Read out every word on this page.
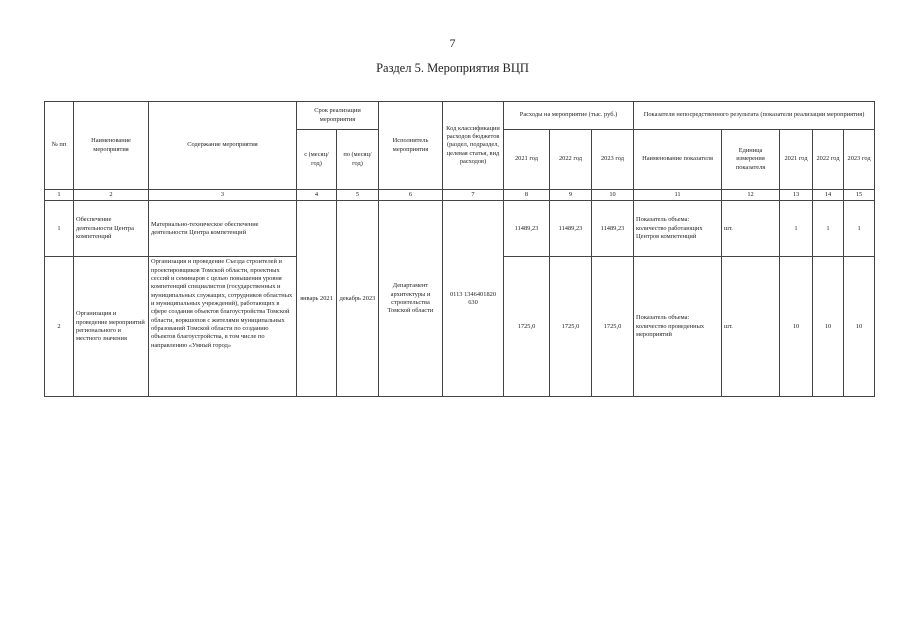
7
Раздел 5. Мероприятия ВЦП
№ пп	Наименование мероприятия	Содержание мероприятия	Срок реализации мероприятия		Исполнитель мероприятия	Код классификации расходов бюджетов (раздел, подраздел, целевая статья, вид расходов)	Расходы на мероприятие (тыс. руб.)			Показатели непосредственного результата (показатели реализации мероприятия)				
			с (месяц/ год)	по (месяц/ год)			2021 год	2022 год	2023 год	Наименование показателя	Единица измерения показателя	2021 год	2022 год	2023 год
1	2	3	4	5	6	7	8	9	10	11	12	13	14	15
1	Обеспечение деятельности Центра компетенций	Материально-техническое обеспечение деятельности Центра компетенций	январь 2021	декабрь 2023	Департамент архитектуры и строительства Томской области	0113 1346401820 630	11489,23	11489,23	11489,23	Показатель объема: количество работающих Центров компетенций	шт.	1	1	1
2	Организация и проведение мероприятий регионального и местного значения	Организация и проведение Съезда строителей и проектировщиков Томской области, проектных сессий и семинаров с целью повышения уровня компетенций специалистов (государственных и муниципальных служащих, сотрудников областных и муниципальных учреждений), работающих в сфере создания объектов благоустройства Томской области, воркшопов с жителями муниципальных образований Томской области по созданию объектов благоустройства, в том числе по направлению «Умный город»					1725,0	1725,0	1725,0	Показатель объема: количество проведенных мероприятий	шт.	10	10	10
